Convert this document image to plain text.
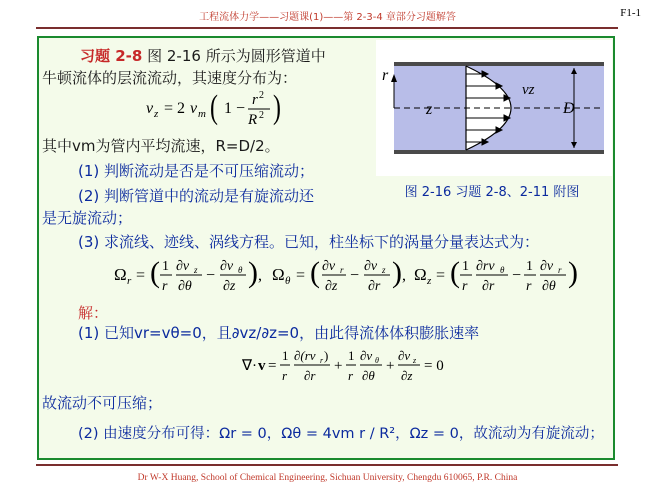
工程流体力学——习题课(1)——第 2-3-4 章部分习题解答	F1-1
习题 2-8 图 2-16 所示为圆形管道中
牛顿流体的层流流动，其速度分布为：
v z = 2 v m ( 1 − r 2
R 2 )
其中vm为管内平均流速，R=D/2。
(1) 判断流动是否是不可压缩流动；
(2) 判断管道中的流动是有旋流动还
是无旋流动；
r
z
vz
D
图 2-16 习题 2-8、2-11 附图
(3) 求流线、迹线、涡线方程。已知，柱坐标下的涡量分量表达式为：
Ω r = ( 1
r
∂v z
∂θ
−
∂v θ
∂z ) , Ω θ = ( ∂v r
∂z
−
∂v z
∂r ) , Ω z = ( 1
r
∂rv θ
∂r
−
1
r
∂v r
∂θ )
解：
(1) 已知vr=vθ=0，且∂vz/∂z=0，由此得流体体积膨胀速率
∇· v =
1
r
∂(rv r )
∂r
+
1
r
∂v θ
∂θ
+
∂v z
∂z
= 0
故流动不可压缩；
(2) 由速度分布可得：Ωr = 0，Ωθ = 4vm r / R²，Ωz = 0，故流动为有旋流动；
Dr W-X Huang, School of Chemical Engineering, Sichuan University, Chengdu 610065, P.R. China
